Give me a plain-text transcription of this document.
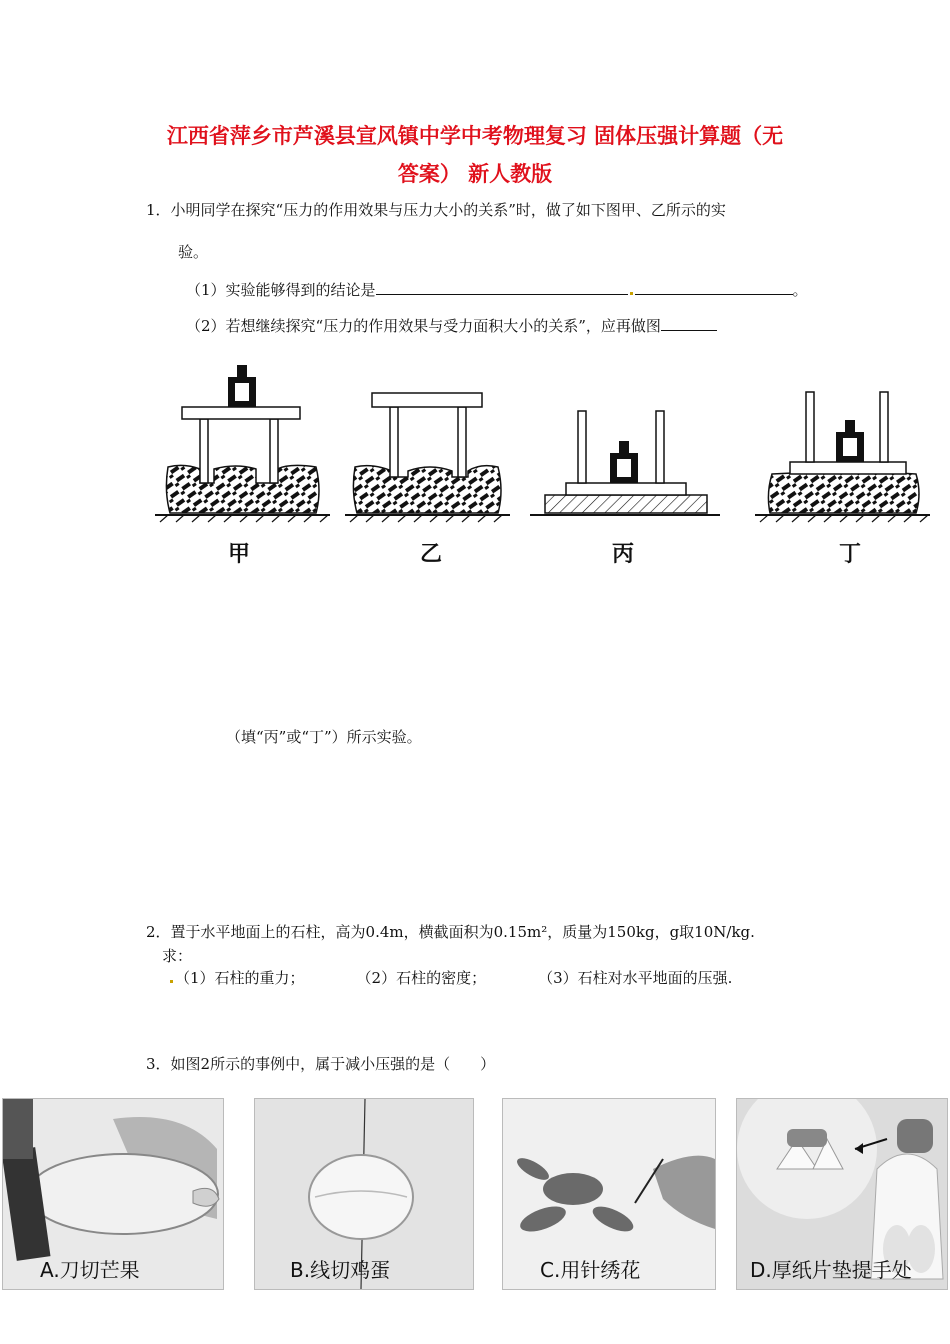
江西省萍乡市芦溪县宣风镇中学中考物理复习 固体压强计算题（无
答案） 新人教版
1．小明同学在探究“压力的作用效果与压力大小的关系”时，做了如下图甲、乙所示的实
验。
（1）实验能够得到的结论是	。
（2）若想继续探究“压力的作用效果与受力面积大小的关系”，应再做图
甲	乙	丙	丁
（填“丙”或“丁”）所示实验。
2．置于水平地面上的石柱，高为0.4m，横截面积为0.15m²，质量为150kg，g取10N/kg.
求：
（1）石柱的重力；	（2）石柱的密度；	（3）石柱对水平地面的压强.
3．如图2所示的事例中，属于减小压强的是（　　）
A.刀切芒果	B.线切鸡蛋	C.用针绣花	D.厚纸片垫提手处
